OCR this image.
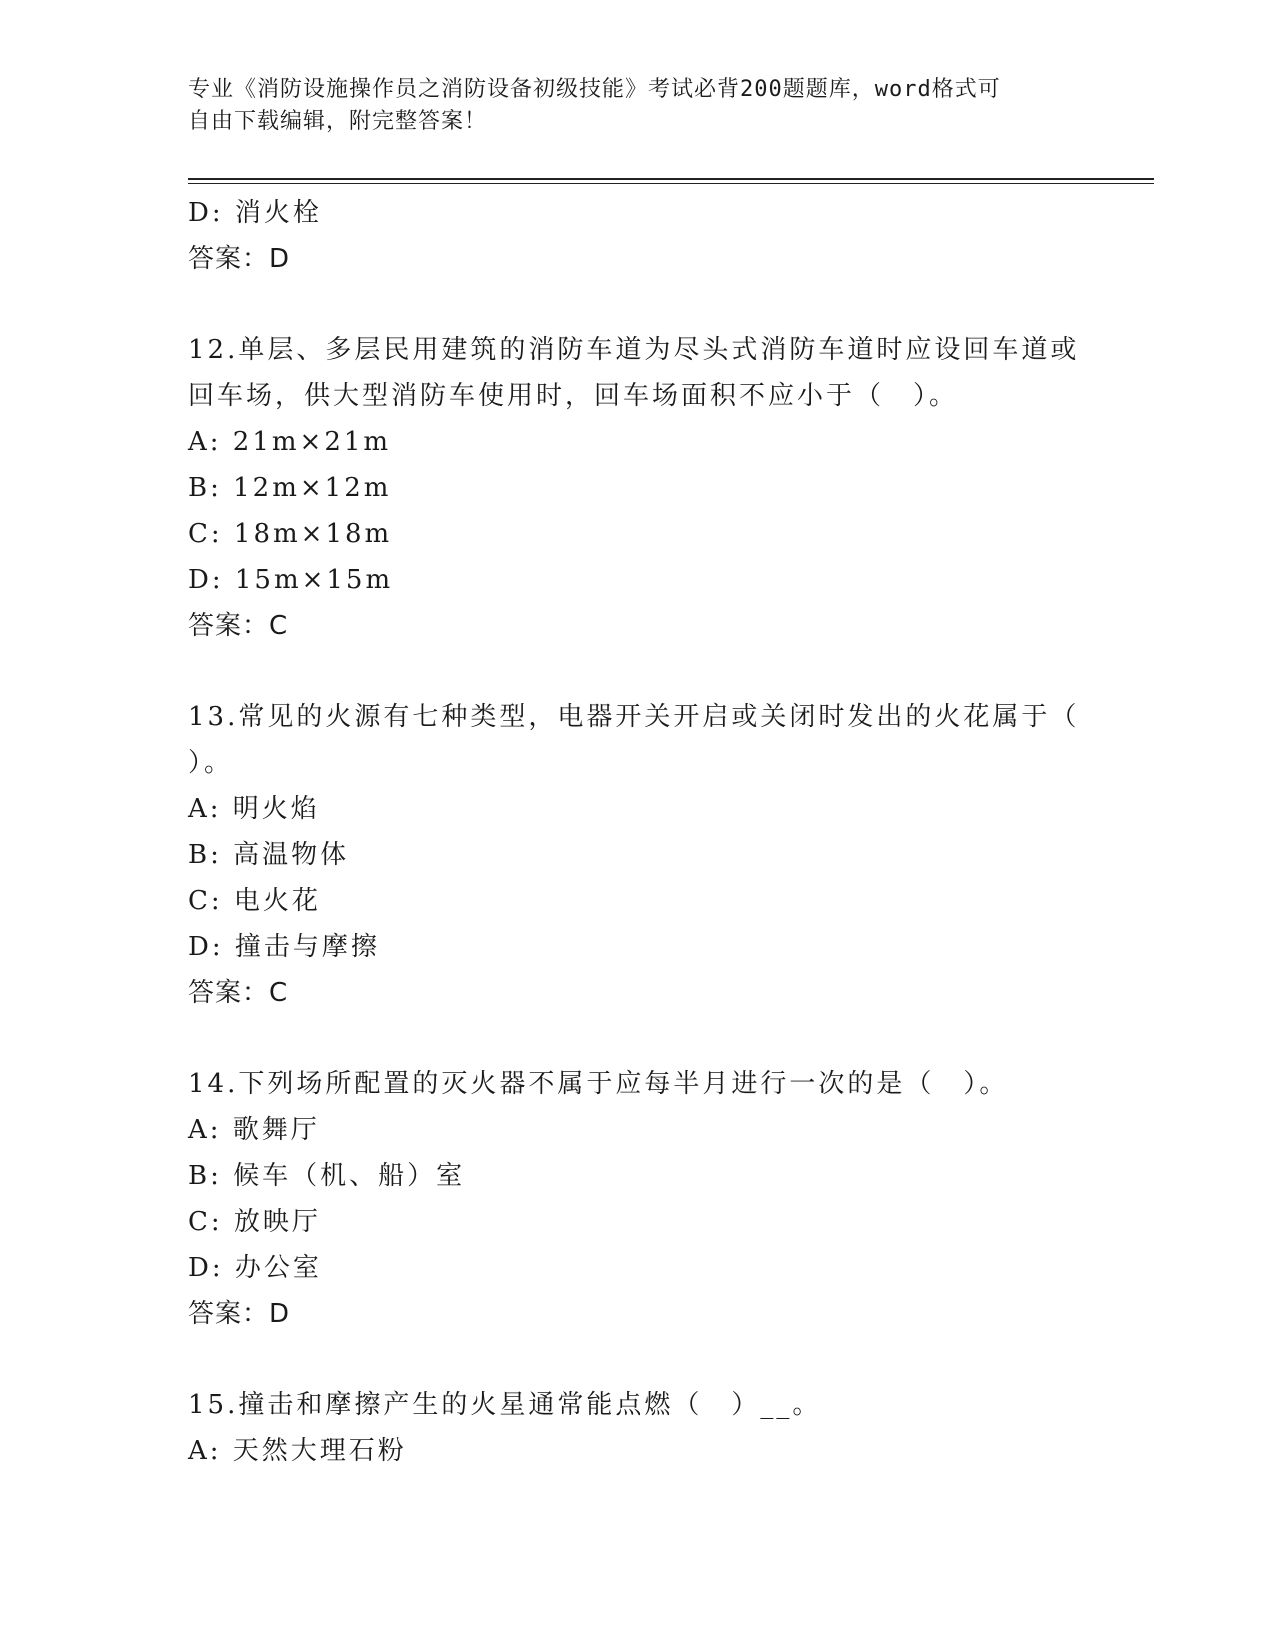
专业《消防设施操作员之消防设备初级技能》考试必背200题题库，word格式可
自由下载编辑，附完整答案！
D: 消火栓
答案：D
12.单层、多层民用建筑的消防车道为尽头式消防车道时应设回车道或
回车场，供大型消防车使用时，回车场面积不应小于（　）。
A: 21m×21m
B: 12m×12m
C: 18m×18m
D: 15m×15m
答案：C
13.常见的火源有七种类型，电器开关开启或关闭时发出的火花属于（
）。
A: 明火焰
B: 高温物体
C: 电火花
D: 撞击与摩擦
答案：C
14.下列场所配置的灭火器不属于应每半月进行一次的是（　）。
A: 歌舞厅
B: 候车（机、船）室
C: 放映厅
D: 办公室
答案：D
15.撞击和摩擦产生的火星通常能点燃（　）__。
A: 天然大理石粉
